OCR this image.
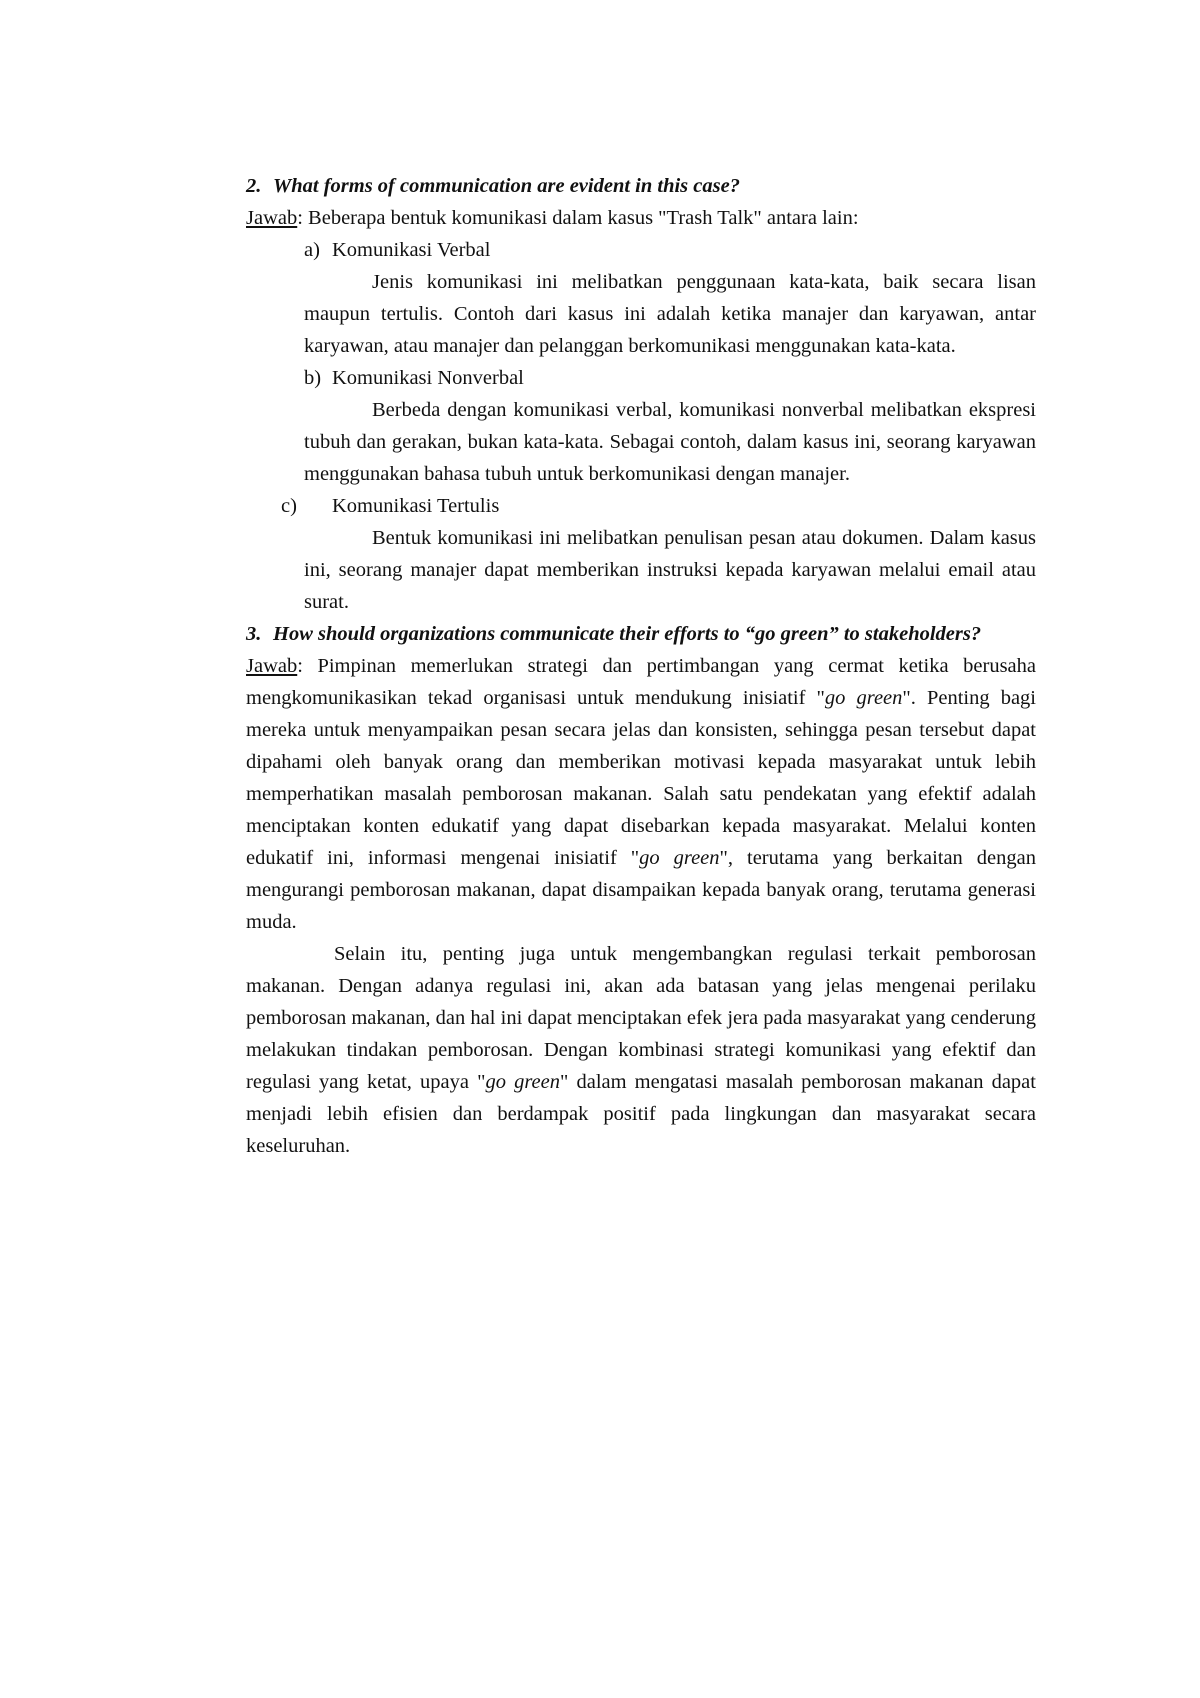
2. What forms of communication are evident in this case?
Jawab: Beberapa bentuk komunikasi dalam kasus "Trash Talk" antara lain:
a) Komunikasi Verbal
Jenis komunikasi ini melibatkan penggunaan kata-kata, baik secara lisan maupun tertulis. Contoh dari kasus ini adalah ketika manajer dan karyawan, antar karyawan, atau manajer dan pelanggan berkomunikasi menggunakan kata-kata.
b) Komunikasi Nonverbal
Berbeda dengan komunikasi verbal, komunikasi nonverbal melibatkan ekspresi tubuh dan gerakan, bukan kata-kata. Sebagai contoh, dalam kasus ini, seorang karyawan menggunakan bahasa tubuh untuk berkomunikasi dengan manajer.
c) Komunikasi Tertulis
Bentuk komunikasi ini melibatkan penulisan pesan atau dokumen. Dalam kasus ini, seorang manajer dapat memberikan instruksi kepada karyawan melalui email atau surat.
3. How should organizations communicate their efforts to “go green” to stakeholders?
Jawab: Pimpinan memerlukan strategi dan pertimbangan yang cermat ketika berusaha mengkomunikasikan tekad organisasi untuk mendukung inisiatif "go green". Penting bagi mereka untuk menyampaikan pesan secara jelas dan konsisten, sehingga pesan tersebut dapat dipahami oleh banyak orang dan memberikan motivasi kepada masyarakat untuk lebih memperhatikan masalah pemborosan makanan. Salah satu pendekatan yang efektif adalah menciptakan konten edukatif yang dapat disebarkan kepada masyarakat. Melalui konten edukatif ini, informasi mengenai inisiatif "go green", terutama yang berkaitan dengan mengurangi pemborosan makanan, dapat disampaikan kepada banyak orang, terutama generasi muda.
Selain itu, penting juga untuk mengembangkan regulasi terkait pemborosan makanan. Dengan adanya regulasi ini, akan ada batasan yang jelas mengenai perilaku pemborosan makanan, dan hal ini dapat menciptakan efek jera pada masyarakat yang cenderung melakukan tindakan pemborosan. Dengan kombinasi strategi komunikasi yang efektif dan regulasi yang ketat, upaya "go green" dalam mengatasi masalah pemborosan makanan dapat menjadi lebih efisien dan berdampak positif pada lingkungan dan masyarakat secara keseluruhan.
